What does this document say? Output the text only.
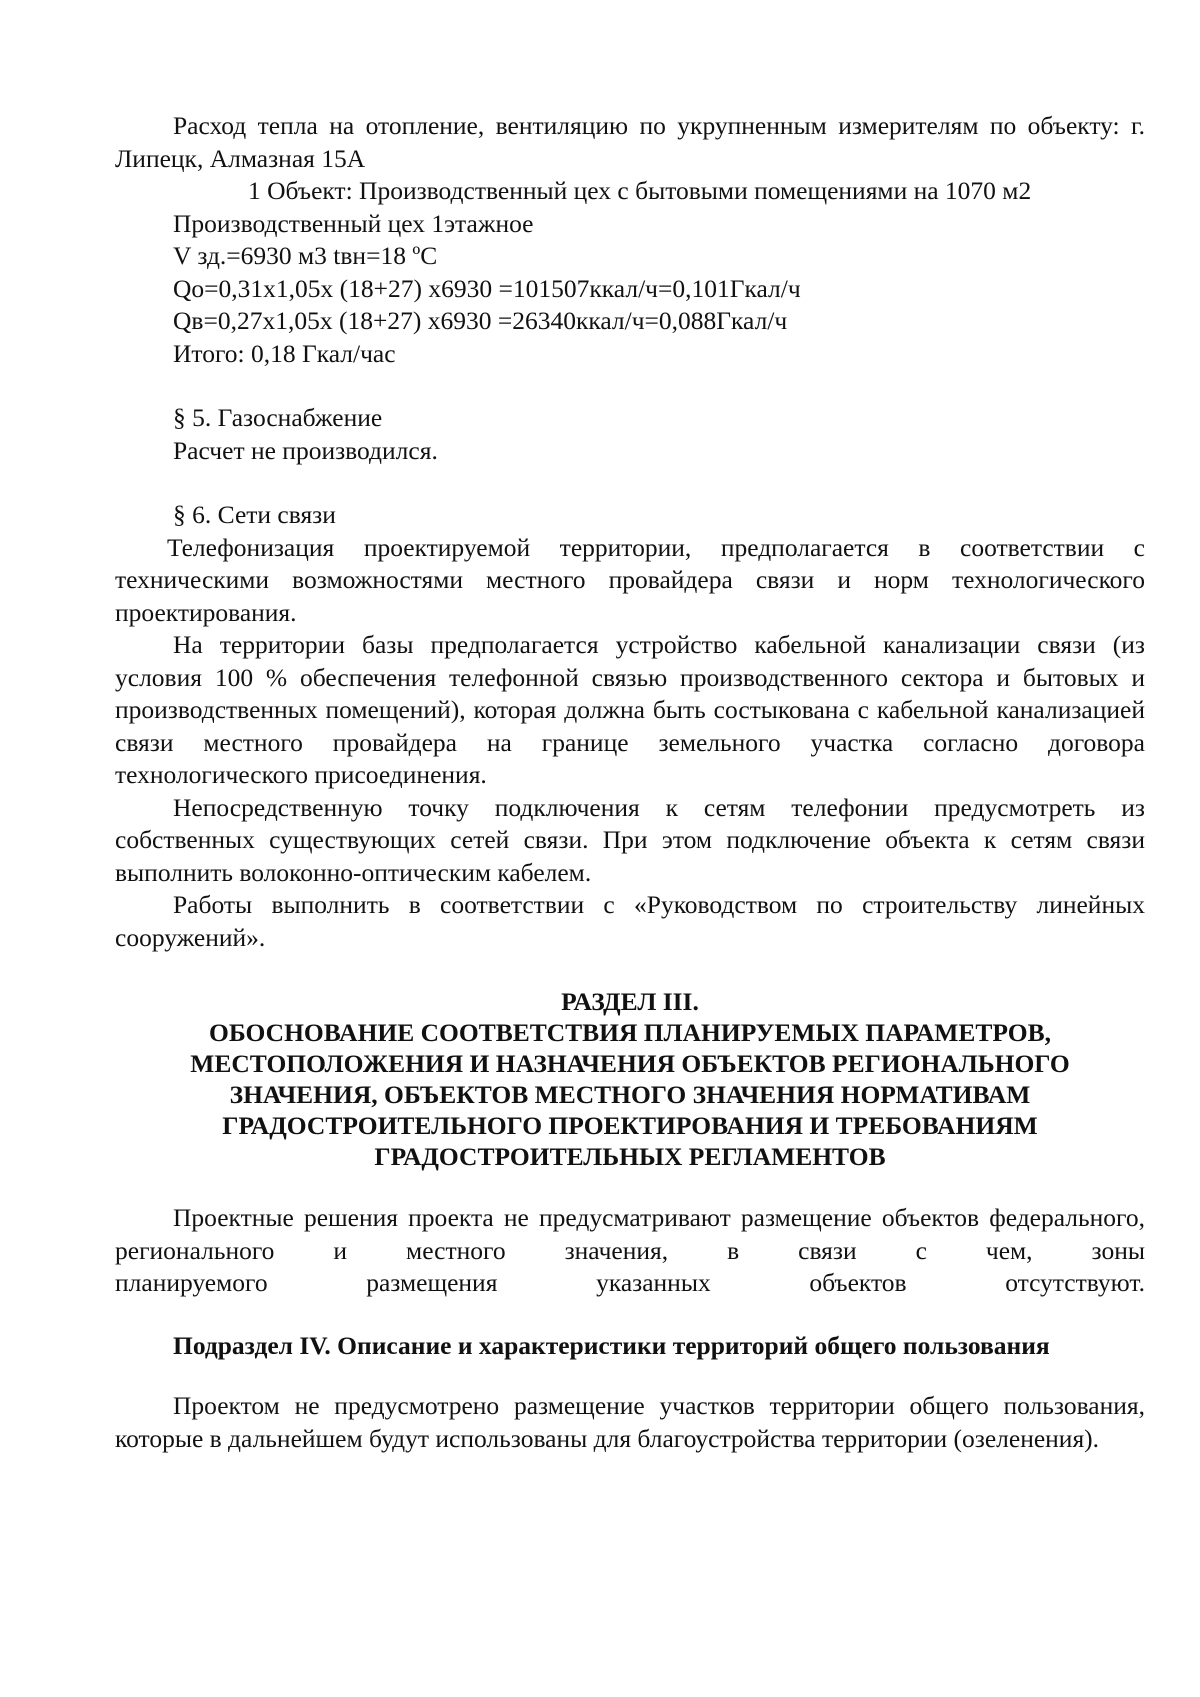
Расход тепла на отопление, вентиляцию по укрупненным измерителям по объекту: г. Липецк, Алмазная 15А

1 Объект: Производственный цех с бытовыми помещениями на 1070 м2

Производственный цех 1этажное

V зд.=6930 м3 tвн=18 ºС

Qо=0,31х1,05х (18+27) х6930 =101507ккал/ч=0,101Гкал/ч

Qв=0,27х1,05х (18+27) х6930 =26340ккал/ч=0,088Гкал/ч

Итого: 0,18 Гкал/час

§ 5. Газоснабжение

Расчет не производился.

§ 6. Сети связи

Телефонизация проектируемой территории, предполагается в соответствии с техническими возможностями местного провайдера связи и норм технологического проектирования.

На территории базы предполагается устройство кабельной канализации связи (из условия 100 % обеспечения телефонной связью производственного сектора и бытовых и производственных помещений), которая должна быть состыкована с кабельной канализацией связи местного провайдера на границе земельного участка согласно договора технологического присоединения.

Непосредственную точку подключения к сетям телефонии предусмотреть из собственных существующих сетей связи. При этом подключение объекта к сетям связи выполнить волоконно-оптическим кабелем.

Работы выполнить в соответствии с «Руководством по строительству линейных сооружений».

РАЗДЕЛ III.
ОБОСНОВАНИЕ СООТВЕТСТВИЯ ПЛАНИРУЕМЫХ ПАРАМЕТРОВ,
МЕСТОПОЛОЖЕНИЯ И НАЗНАЧЕНИЯ ОБЪЕКТОВ РЕГИОНАЛЬНОГО
ЗНАЧЕНИЯ, ОБЪЕКТОВ МЕСТНОГО ЗНАЧЕНИЯ НОРМАТИВАМ
ГРАДОСТРОИТЕЛЬНОГО ПРОЕКТИРОВАНИЯ И ТРЕБОВАНИЯМ
ГРАДОСТРОИТЕЛЬНЫХ РЕГЛАМЕНТОВ

Проектные решения проекта не предусматривают размещение объектов федерального, регионального и местного значения, в связи с чем, зоны

планируемого	размещения	указанных	объектов	отсутствуют.

Подраздел IV. Описание и характеристики территорий общего пользования

Проектом не предусмотрено размещение участков территории общего пользования, которые в дальнейшем будут использованы для благоустройства территории (озеленения).
